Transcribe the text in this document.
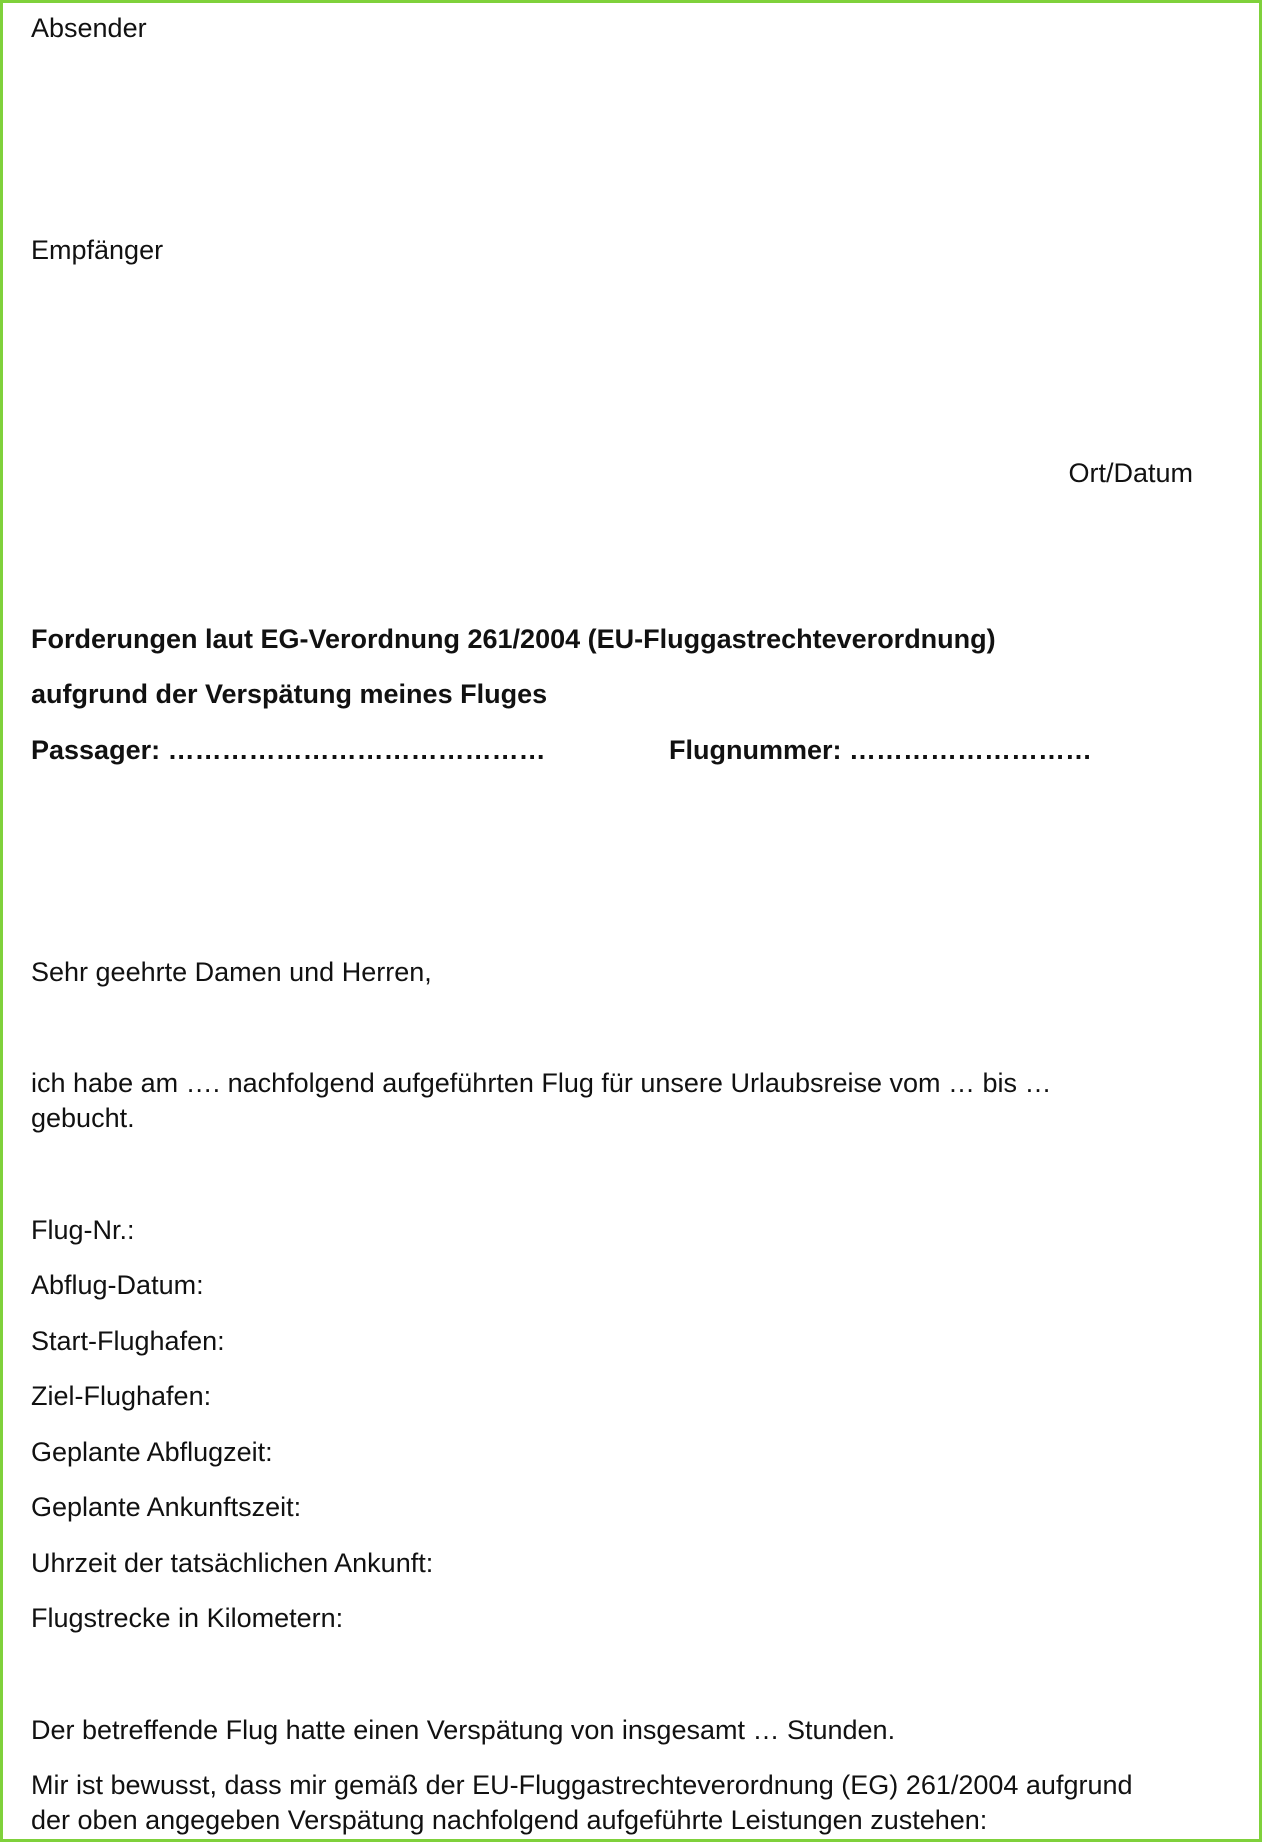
Absender
Empfänger
Ort/Datum
Forderungen laut EG-Verordnung 261/2004 (EU-Fluggastrechteverordnung)
aufgrund der Verspätung meines Fluges
Passager: ……………………………………	Flugnummer: ………………………
Sehr geehrte Damen und Herren,
ich habe am …. nachfolgend aufgeführten Flug für unsere Urlaubsreise vom … bis …
gebucht.
Flug-Nr.:
Abflug-Datum:
Start-Flughafen:
Ziel-Flughafen:
Geplante Abflugzeit:
Geplante Ankunftszeit:
Uhrzeit der tatsächlichen Ankunft:
Flugstrecke in Kilometern:
Der betreffende Flug hatte einen Verspätung von insgesamt … Stunden.
Mir ist bewusst, dass mir gemäß der EU-Fluggastrechteverordnung (EG) 261/2004 aufgrund
der oben angegeben Verspätung nachfolgend aufgeführte Leistungen zustehen:
